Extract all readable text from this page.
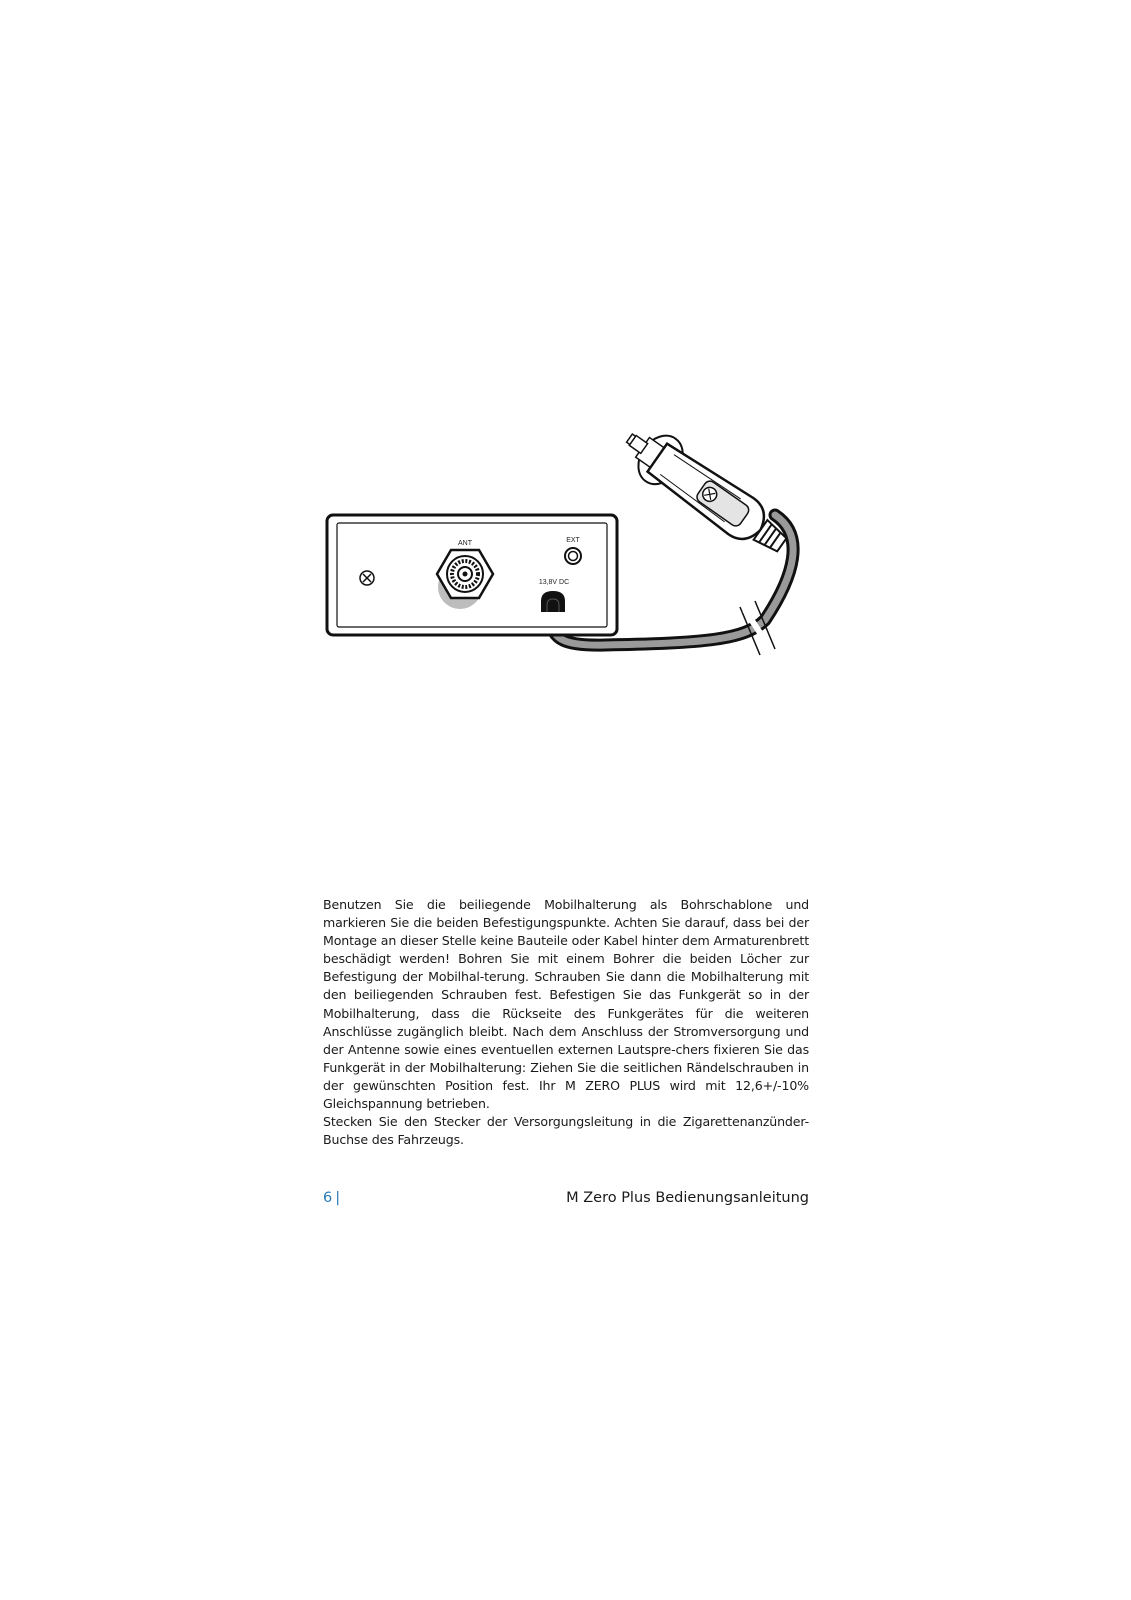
ANT	EXT
13,8V DC

Benutzen Sie die beiliegende Mobilhalterung als Bohrschablone und markieren Sie die beiden Befestigungspunkte. Achten Sie darauf, dass bei der Montage an dieser Stelle keine Bauteile oder Kabel hinter dem Armaturenbrett beschädigt werden! Bohren Sie mit einem Bohrer die beiden Löcher zur Befestigung der Mobilhal-terung. Schrauben Sie dann die Mobilhalterung mit den beiliegenden Schrauben fest. Befestigen Sie das Funkgerät so in der Mobilhalterung, dass die Rückseite des Funkgerätes für die weiteren Anschlüsse zugänglich bleibt. Nach dem Anschluss der Stromversorgung und der Antenne sowie eines eventuellen externen Lautspre-chers fixieren Sie das Funkgerät in der Mobilhalterung: Ziehen Sie die seitlichen Rändelschrauben in der gewünschten Position fest. Ihr M ZERO PLUS wird mit 12,6+/-10% Gleichspannung betrieben.

Stecken Sie den Stecker der Versorgungsleitung in die Zigarettenanzünder-Buchse des Fahrzeugs.

6 |	M Zero Plus Bedienungsanleitung
